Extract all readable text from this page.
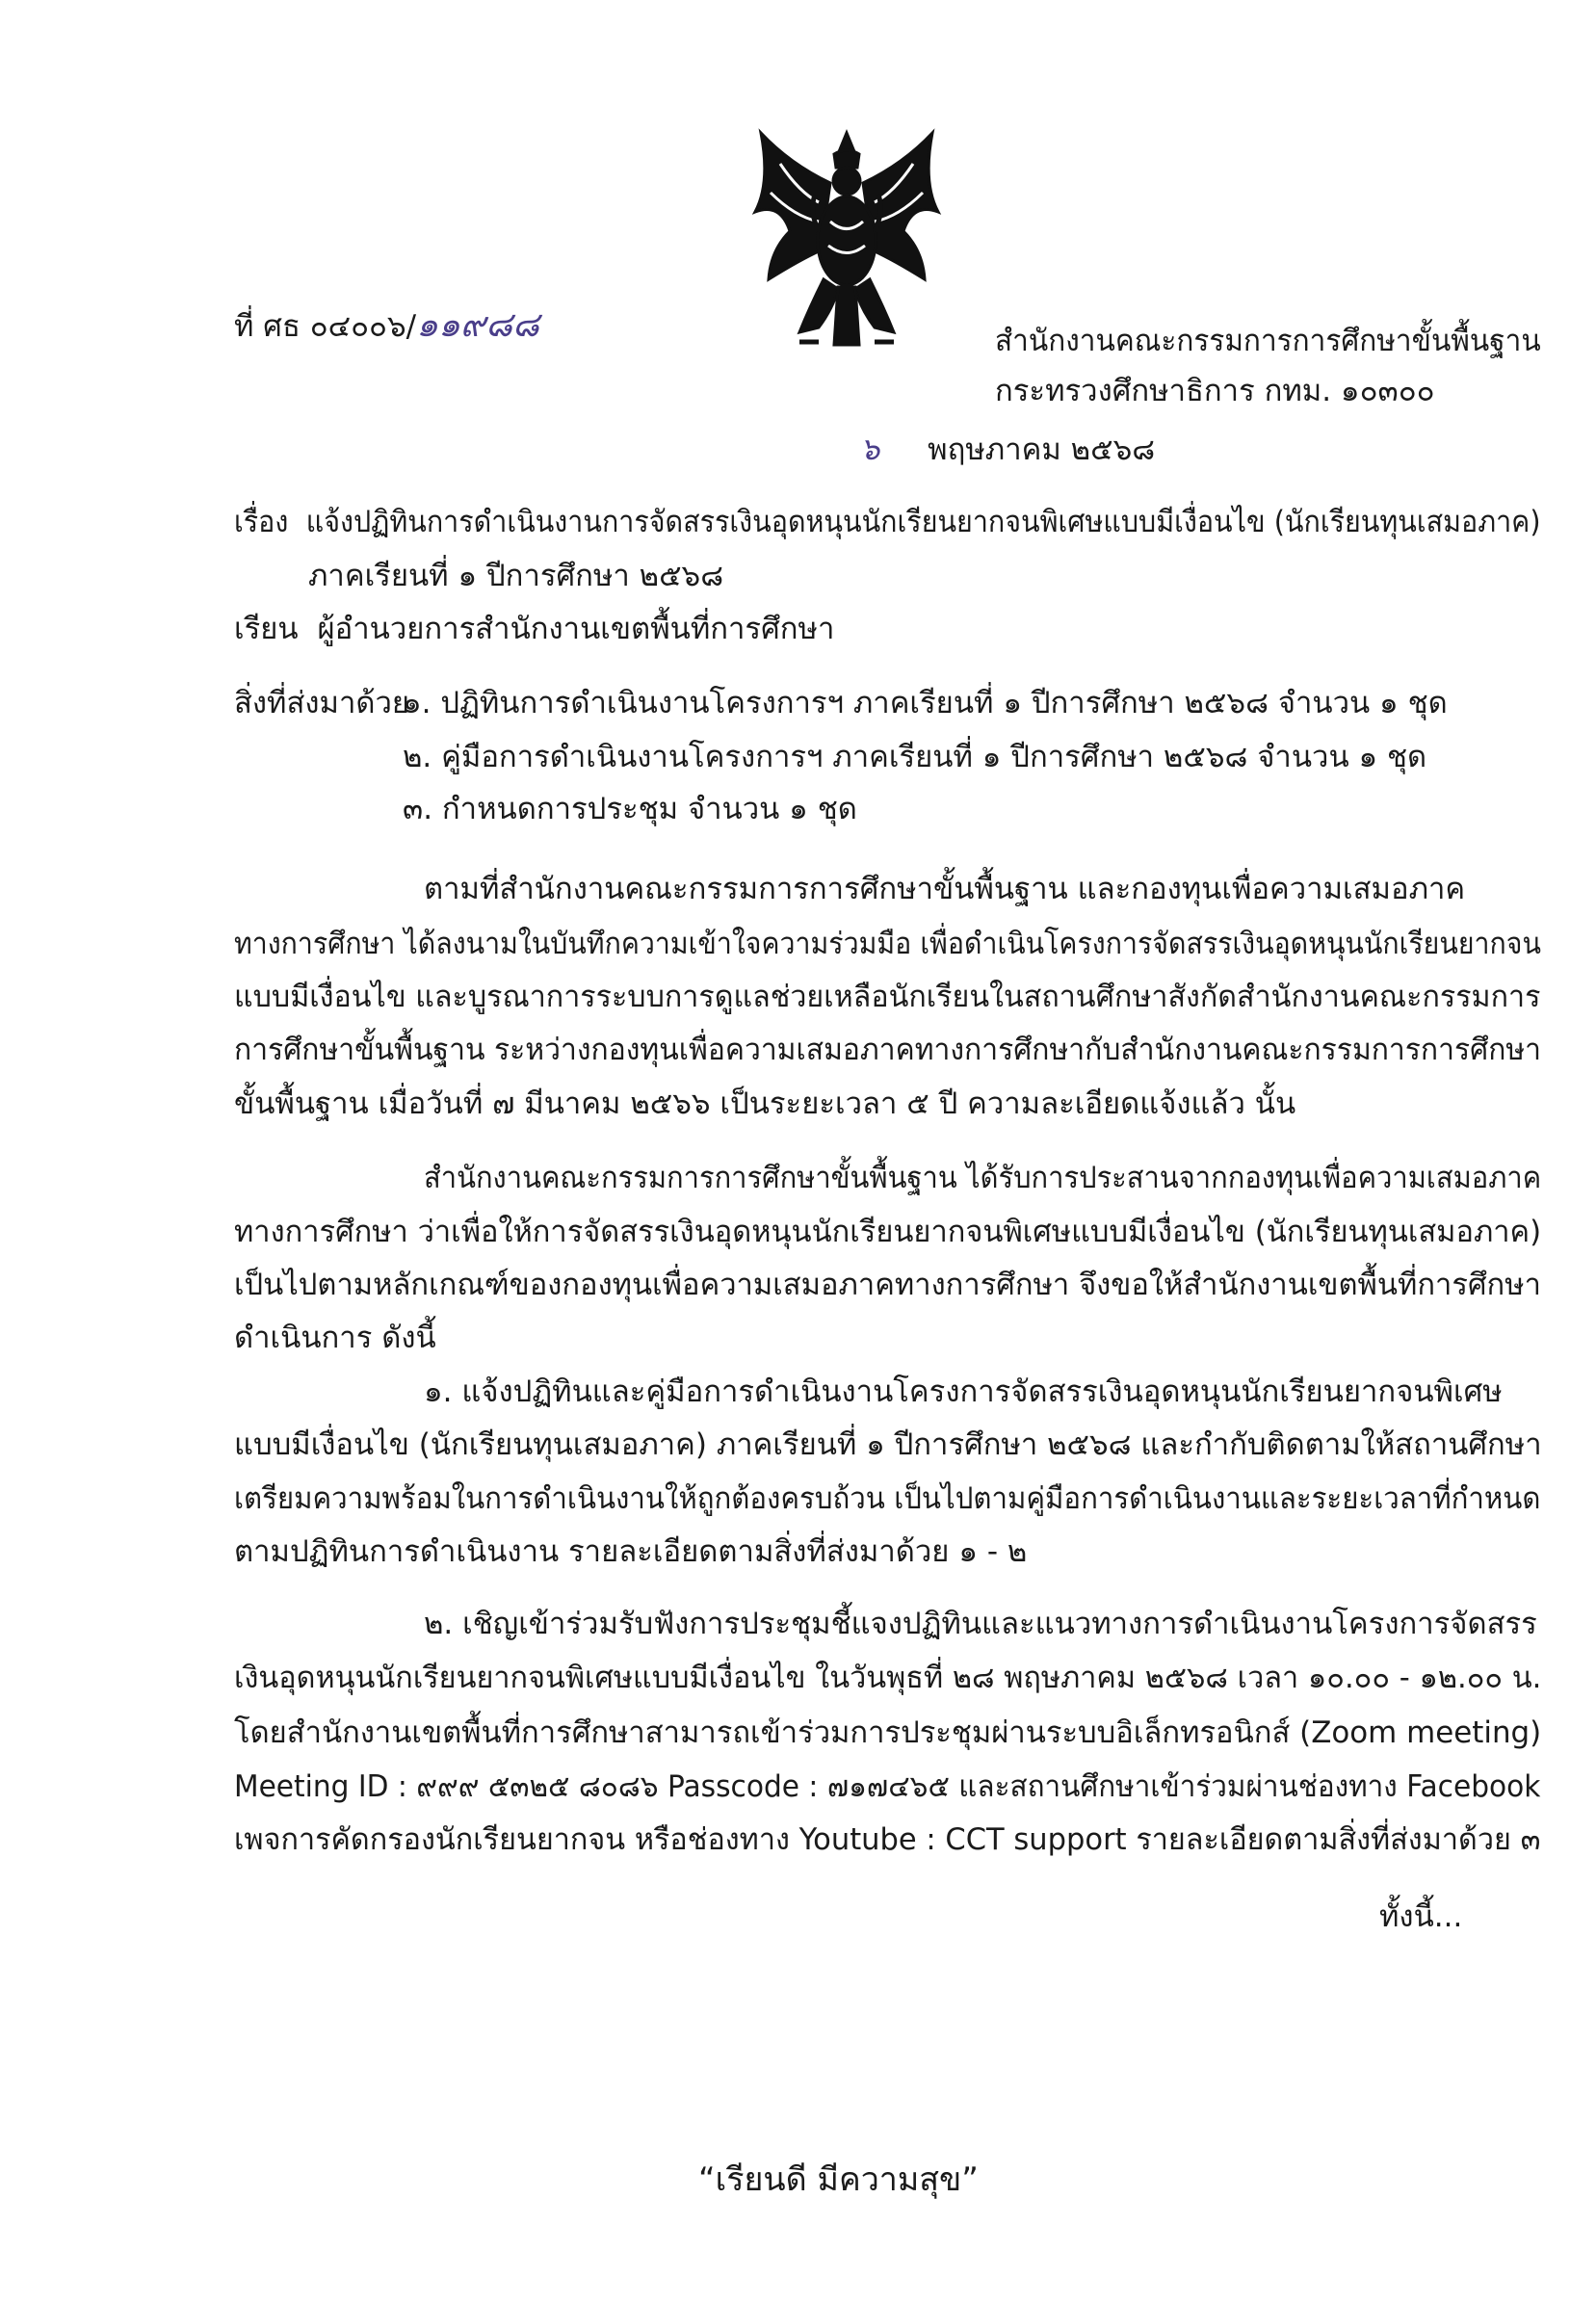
ที่ ศธ ๐๔๐๐๖/๑๑๙๘๘	สำนักงานคณะกรรมการการศึกษาขั้นพื้นฐาน
กระทรวงศึกษาธิการ กทม. ๑๐๓๐๐
๖ พฤษภาคม ๒๕๖๘
เรื่อง แจ้งปฏิทินการดำเนินงานการจัดสรรเงินอุดหนุนนักเรียนยากจนพิเศษแบบมีเงื่อนไข (นักเรียนทุนเสมอภาค)
ภาคเรียนที่ ๑ ปีการศึกษา ๒๕๖๘
เรียน ผู้อำนวยการสำนักงานเขตพื้นที่การศึกษา
สิ่งที่ส่งมาด้วย
๑. ปฏิทินการดำเนินงานโครงการฯ ภาคเรียนที่ ๑ ปีการศึกษา ๒๕๖๘ จำนวน ๑ ชุด
๒. คู่มือการดำเนินงานโครงการฯ ภาคเรียนที่ ๑ ปีการศึกษา ๒๕๖๘ จำนวน ๑ ชุด
๓. กำหนดการประชุม จำนวน ๑ ชุด
ตามที่สำนักงานคณะกรรมการการศึกษาขั้นพื้นฐาน และกองทุนเพื่อความเสมอภาค
ทางการศึกษา ได้ลงนามในบันทึกความเข้าใจความร่วมมือ เพื่อดำเนินโครงการจัดสรรเงินอุดหนุนนักเรียนยากจน
แบบมีเงื่อนไข และบูรณาการระบบการดูแลช่วยเหลือนักเรียนในสถานศึกษาสังกัดสำนักงานคณะกรรมการ
การศึกษาขั้นพื้นฐาน ระหว่างกองทุนเพื่อความเสมอภาคทางการศึกษากับสำนักงานคณะกรรมการการศึกษา
ขั้นพื้นฐาน เมื่อวันที่ ๗ มีนาคม ๒๕๖๖ เป็นระยะเวลา ๕ ปี ความละเอียดแจ้งแล้ว นั้น
สำนักงานคณะกรรมการการศึกษาขั้นพื้นฐาน ได้รับการประสานจากกองทุนเพื่อความเสมอภาค
ทางการศึกษา ว่าเพื่อให้การจัดสรรเงินอุดหนุนนักเรียนยากจนพิเศษแบบมีเงื่อนไข (นักเรียนทุนเสมอภาค)
เป็นไปตามหลักเกณฑ์ของกองทุนเพื่อความเสมอภาคทางการศึกษา จึงขอให้สำนักงานเขตพื้นที่การศึกษา
ดำเนินการ ดังนี้
๑. แจ้งปฏิทินและคู่มือการดำเนินงานโครงการจัดสรรเงินอุดหนุนนักเรียนยากจนพิเศษ
แบบมีเงื่อนไข (นักเรียนทุนเสมอภาค) ภาคเรียนที่ ๑ ปีการศึกษา ๒๕๖๘ และกำกับติดตามให้สถานศึกษา
เตรียมความพร้อมในการดำเนินงานให้ถูกต้องครบถ้วน เป็นไปตามคู่มือการดำเนินงานและระยะเวลาที่กำหนด
ตามปฏิทินการดำเนินงาน รายละเอียดตามสิ่งที่ส่งมาด้วย ๑ - ๒
๒. เชิญเข้าร่วมรับฟังการประชุมชี้แจงปฏิทินและแนวทางการดำเนินงานโครงการจัดสรร
เงินอุดหนุนนักเรียนยากจนพิเศษแบบมีเงื่อนไข ในวันพุธที่ ๒๘ พฤษภาคม ๒๕๖๘ เวลา ๑๐.๐๐ - ๑๒.๐๐ น.
โดยสำนักงานเขตพื้นที่การศึกษาสามารถเข้าร่วมการประชุมผ่านระบบอิเล็กทรอนิกส์ (Zoom meeting)
Meeting ID : ๙๙๙ ๕๓๒๕ ๘๐๘๖ Passcode : ๗๑๗๔๖๕ และสถานศึกษาเข้าร่วมผ่านช่องทาง Facebook
เพจการคัดกรองนักเรียนยากจน หรือช่องทาง Youtube : CCT support รายละเอียดตามสิ่งที่ส่งมาด้วย ๓
ทั้งนี้...
“เรียนดี มีความสุข”
